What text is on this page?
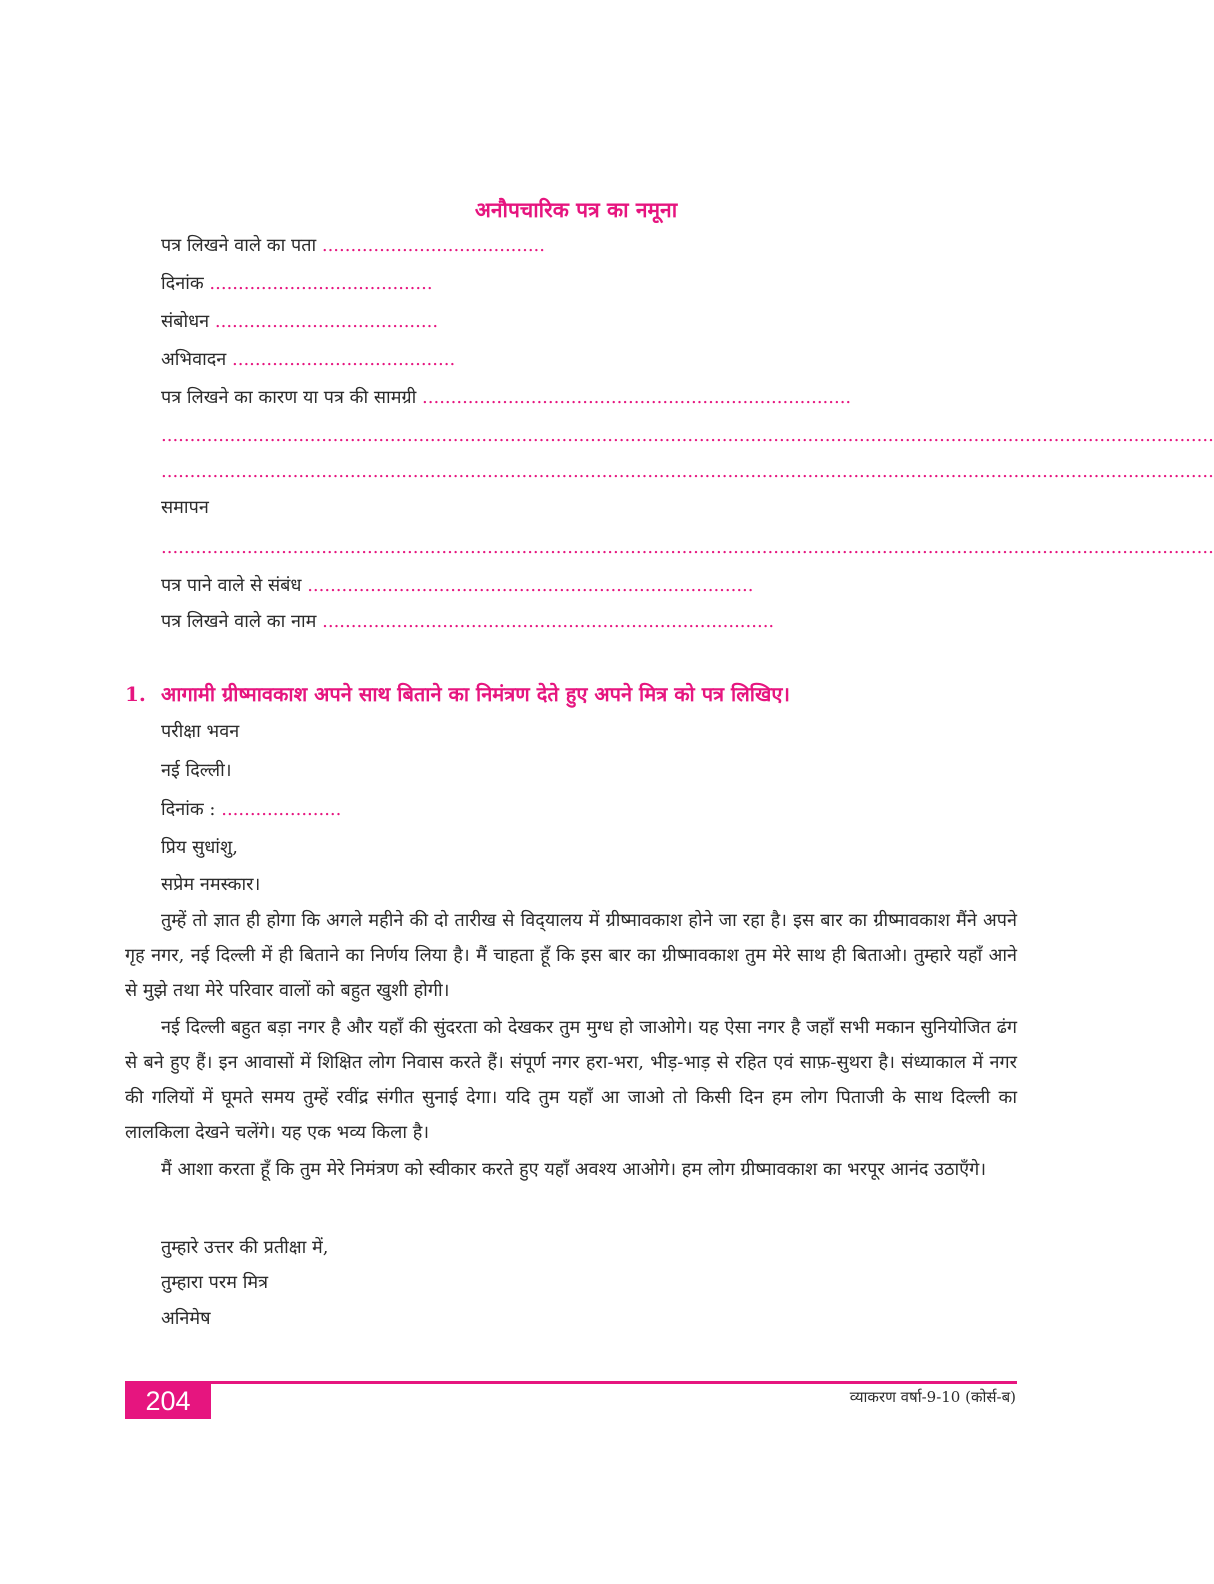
अनौपचारिक पत्र का नमूना
पत्र लिखने वाले का पता .......................................
दिनांक .......................................
संबोधन .......................................
अभिवादन .......................................
पत्र लिखने का कारण या पत्र की सामग्री ...........................................................................
........................................................................................................................................................................................
........................................................................................................................................................................................
समापन
........................................................................................................................................................................................
पत्र पाने वाले से संबंध ..............................................................................
पत्र लिखने वाले का नाम ...............................................................................
1. आगामी ग्रीष्मावकाश अपने साथ बिताने का निमंत्रण देते हुए अपने मित्र को पत्र लिखिए।
परीक्षा भवन
नई दिल्ली।
दिनांक : .....................
प्रिय सुधांशु,
सप्रेम नमस्कार।

तुम्हें तो ज्ञात ही होगा कि अगले महीने की दो तारीख से विद्‌यालय में ग्रीष्मावकाश होने जा रहा है। इस बार का ग्रीष्मावकाश मैंने अपने गृह नगर, नई दिल्ली में ही बिताने का निर्णय लिया है। मैं चाहता हूँ कि इस बार का ग्रीष्मावकाश तुम मेरे साथ ही बिताओ। तुम्हारे यहाँ आने से मुझे तथा मेरे परिवार वालों को बहुत खुशी होगी।

नई दिल्ली बहुत बड़ा नगर है और यहाँ की सुंदरता को देखकर तुम मुग्ध हो जाओगे। यह ऐसा नगर है जहाँ सभी मकान सुनियोजित ढंग से बने हुए हैं। इन आवासों में शिक्षित लोग निवास करते हैं। संपूर्ण नगर हरा-भरा, भीड़-भाड़ से रहित एवं साफ़-सुथरा है। संध्याकाल में नगर की गलियों में घूमते समय तुम्हें रवींद्र संगीत सुनाई देगा। यदि तुम यहाँ आ जाओ तो किसी दिन हम लोग पिताजी के साथ दिल्ली का लालकिला देखने चलेंगे। यह एक भव्य किला है।

मैं आशा करता हूँ कि तुम मेरे निमंत्रण को स्वीकार करते हुए यहाँ अवश्य आओगे। हम लोग ग्रीष्मावकाश का भरपूर आनंद उठाएँगे।

तुम्हारे उत्तर की प्रतीक्षा में,
तुम्हारा परम मित्र
अनिमेष
204	व्याकरण वर्षा-9-10 (कोर्स-ब)
